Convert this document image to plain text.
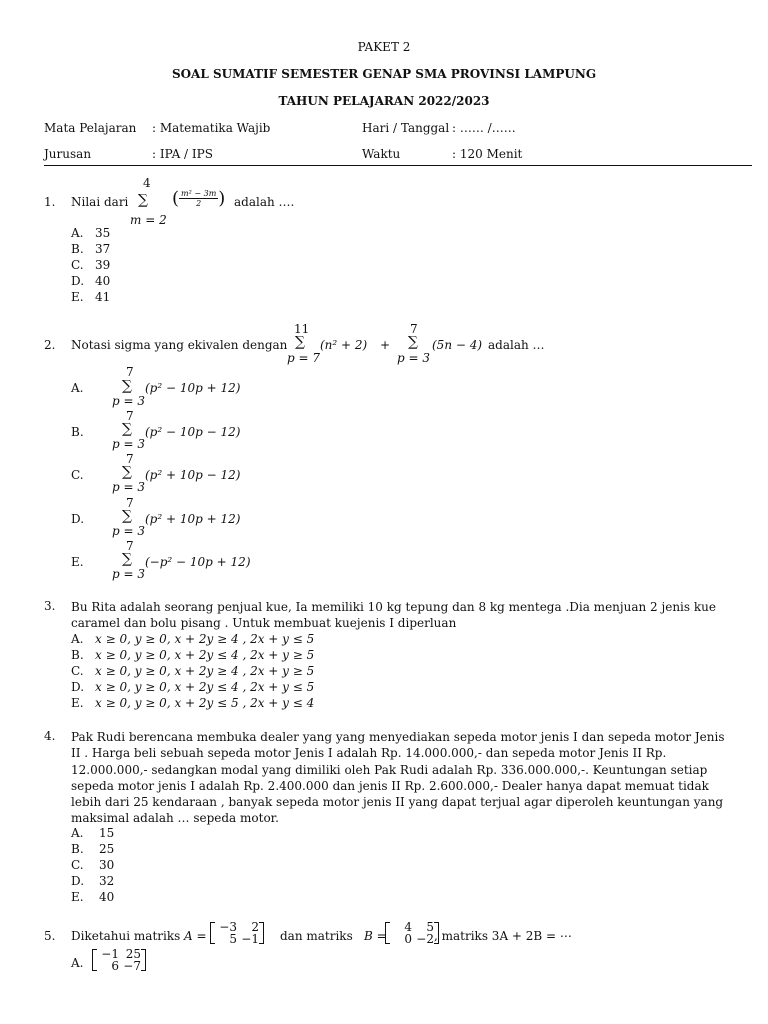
PAKET 2
SOAL SUMATIF SEMESTER GENAP SMA PROVINSI LAMPUNG
TAHUN PELAJARAN 2022/2023
Mata Pelajaran : Matematika Wajib	Hari / Tanggal : …… /……
Jurusan	: IPA / IPS	Waktu	: 120 Menit
1. Nilai dari
4
∑
m = 2
( $\frac{\text{m² − 3m}}{2}$ ) adalah ….
A. 35
B. 37
C. 39
D. 40
E. 41
2. Notasi sigma yang ekivalen dengan
11
∑
p = 7
(n² + 2) +
7
∑
p = 3
(5n − 4) adalah …
A.
7
∑
p = 3
(p² − 10p + 12)
B.
7
∑
p = 3
(p² − 10p − 12)
C.
7
∑
p = 3
(p² + 10p − 12)
D.
7
∑
p = 3
(p² + 10p + 12)
E.
7
∑
p = 3
(−p² − 10p + 12)
3. Bu Rita adalah seorang penjual kue, Ia memiliki 10 kg tepung dan 8 kg mentega .Dia menjuan 2 jenis kue caramel dan bolu pisang . Untuk membuat kuejenis I diperluan
A. x ≥ 0, y ≥ 0, x + 2y ≥ 4 , 2x + y ≤ 5
B. x ≥ 0, y ≥ 0, x + 2y ≤ 4 , 2x + y ≥ 5
C. x ≥ 0, y ≥ 0, x + 2y ≥ 4 , 2x + y ≥ 5
D. x ≥ 0, y ≥ 0, x + 2y ≤ 4 , 2x + y ≤ 5
E. x ≥ 0, y ≥ 0, x + 2y ≤ 5 , 2x + y ≤ 4
4. Pak Rudi berencana membuka dealer yang yang menyediakan sepeda motor jenis I dan sepeda motor Jenis II . Harga beli sebuah sepeda motor Jenis I adalah Rp. 14.000.000,- dan sepeda motor Jenis II Rp. 12.000.000,- sedangkan modal yang dimiliki oleh Pak Rudi adalah Rp. 336.000.000,-. Keuntungan setiap sepeda motor jenis I adalah Rp. 2.400.000 dan jenis II Rp. 2.600.000,- Dealer hanya dapat memuat tidak lebih dari 25 kendaraan , banyak sepeda motor jenis II yang dapat terjual agar diperoleh keuntungan yang maksimal adalah … sepeda motor.
A. 15
B. 25
C. 30
D. 32
E. 40
5. Diketahui matriks A =
−3 2
5 −1 dan matriks B =
4 5
0 −2 , matriks 3A + 2B = ⋯
A.
−1 25
6 −7
